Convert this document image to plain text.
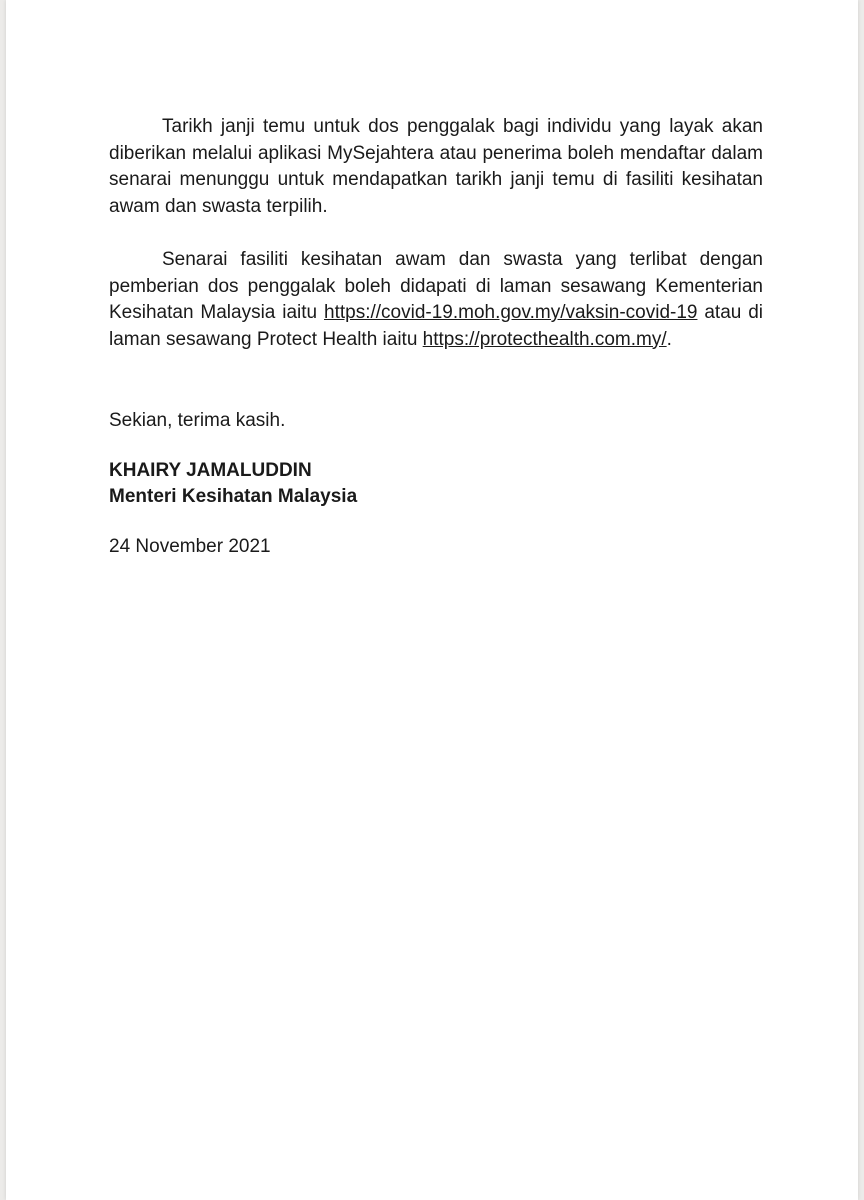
Tarikh janji temu untuk dos penggalak bagi individu yang layak akan diberikan melalui aplikasi MySejahtera atau penerima boleh mendaftar dalam senarai menunggu untuk mendapatkan tarikh janji temu di fasiliti kesihatan awam dan swasta terpilih.

Senarai fasiliti kesihatan awam dan swasta yang terlibat dengan pemberian dos penggalak boleh didapati di laman sesawang Kementerian Kesihatan Malaysia iaitu https://covid-19.moh.gov.my/vaksin-covid-19 atau di laman sesawang Protect Health iaitu https://protecthealth.com.my/.

Sekian, terima kasih.

KHAIRY JAMALUDDIN
Menteri Kesihatan Malaysia

24 November 2021
